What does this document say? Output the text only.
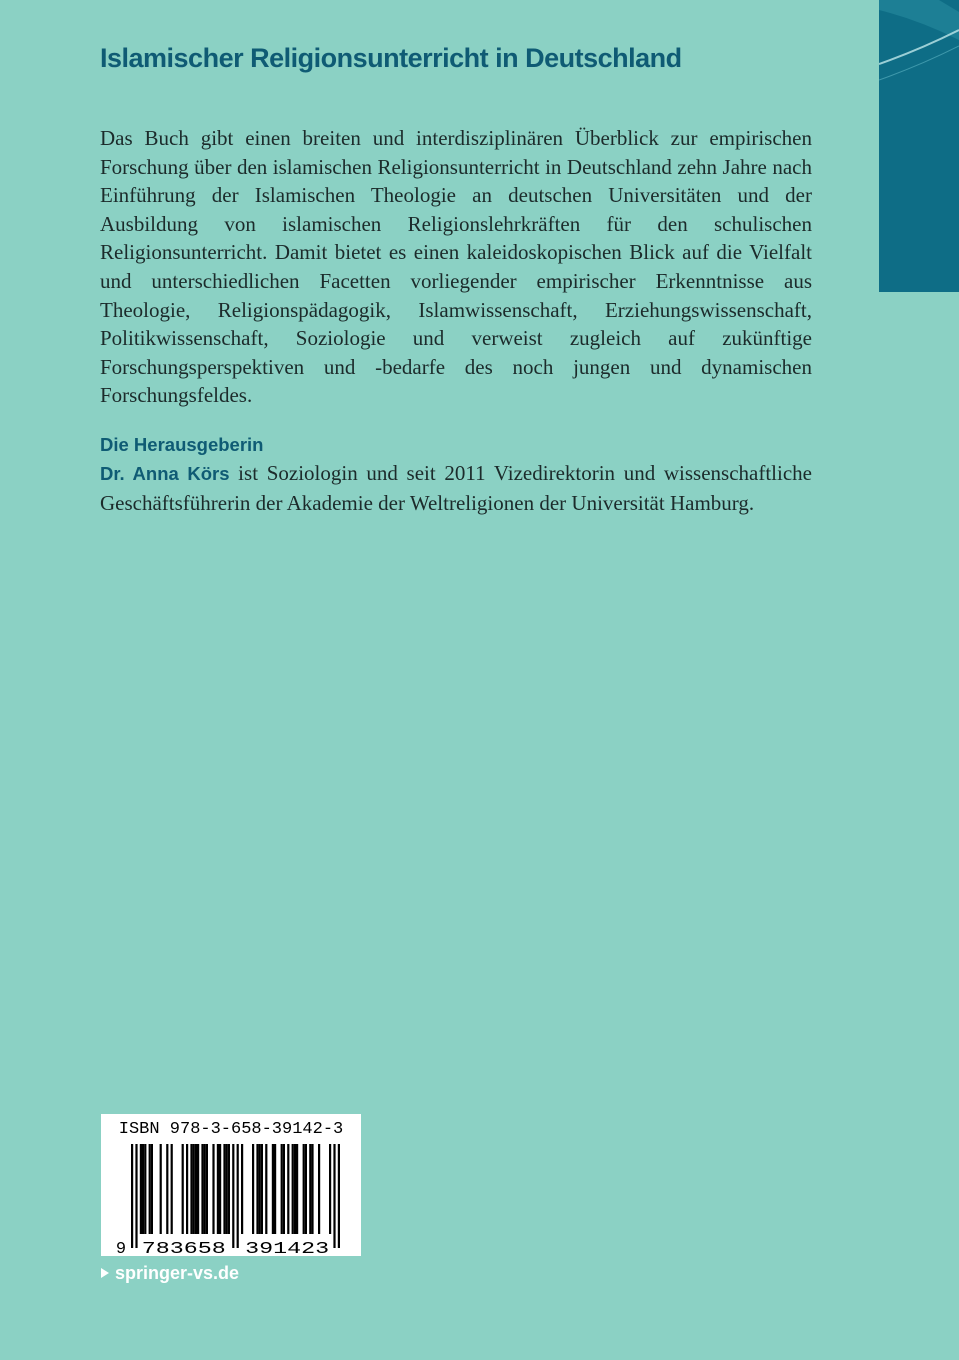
Islamischer Religionsunterricht in Deutschland

Das Buch gibt einen breiten und interdisziplinären Überblick zur empirischen Forschung über den islamischen Religionsunterricht in Deutschland zehn Jahre nach Einführung der Islamischen Theologie an deutschen Universitäten und der Ausbildung von islamischen Religionslehrkräften für den schulischen Religionsunterricht. Damit bietet es einen kaleidoskopischen Blick auf die Vielfalt und unterschiedlichen Facetten vorliegender empirischer Erkenntnisse aus Theologie, Religionspädagogik, Islamwissenschaft, Erziehungswissenschaft, Politikwissenschaft, Soziologie und verweist zugleich auf zukünftige Forschungsperspektiven und -bedarfe des noch jungen und dynamischen Forschungsfeldes.

Die Herausgeberin

Dr. Anna Körs ist Soziologin und seit 2011 Vizedirektorin und wissenschaftliche Geschäftsführerin der Akademie der Weltreligionen der Universität Hamburg.

ISBN 978-3-658-39142-3
9 783658 391423
springer-vs.de
